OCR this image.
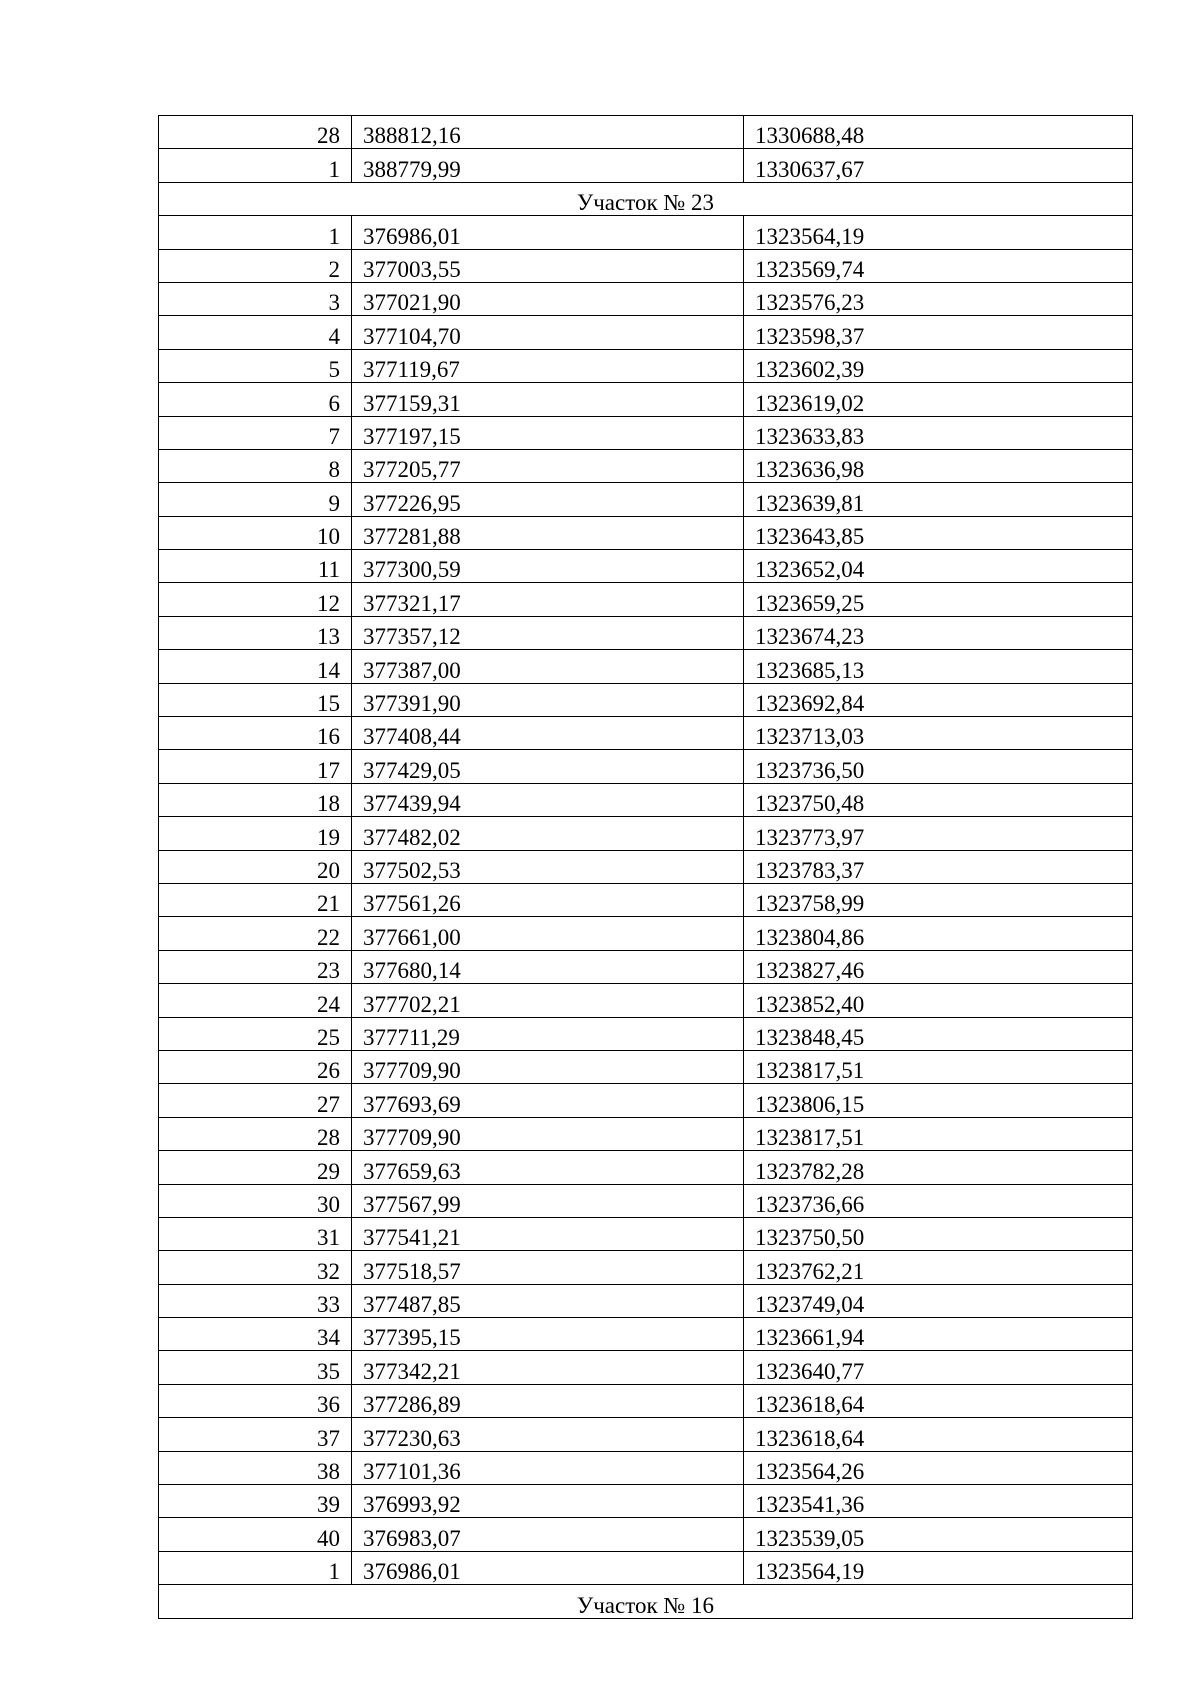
28	388812,16	1330688,48
1	388779,99	1330637,67
Участок № 23		
1	376986,01	1323564,19
2	377003,55	1323569,74
3	377021,90	1323576,23
4	377104,70	1323598,37
5	377119,67	1323602,39
6	377159,31	1323619,02
7	377197,15	1323633,83
8	377205,77	1323636,98
9	377226,95	1323639,81
10	377281,88	1323643,85
11	377300,59	1323652,04
12	377321,17	1323659,25
13	377357,12	1323674,23
14	377387,00	1323685,13
15	377391,90	1323692,84
16	377408,44	1323713,03
17	377429,05	1323736,50
18	377439,94	1323750,48
19	377482,02	1323773,97
20	377502,53	1323783,37
21	377561,26	1323758,99
22	377661,00	1323804,86
23	377680,14	1323827,46
24	377702,21	1323852,40
25	377711,29	1323848,45
26	377709,90	1323817,51
27	377693,69	1323806,15
28	377709,90	1323817,51
29	377659,63	1323782,28
30	377567,99	1323736,66
31	377541,21	1323750,50
32	377518,57	1323762,21
33	377487,85	1323749,04
34	377395,15	1323661,94
35	377342,21	1323640,77
36	377286,89	1323618,64
37	377230,63	1323618,64
38	377101,36	1323564,26
39	376993,92	1323541,36
40	376983,07	1323539,05
1	376986,01	1323564,19
Участок № 16		
